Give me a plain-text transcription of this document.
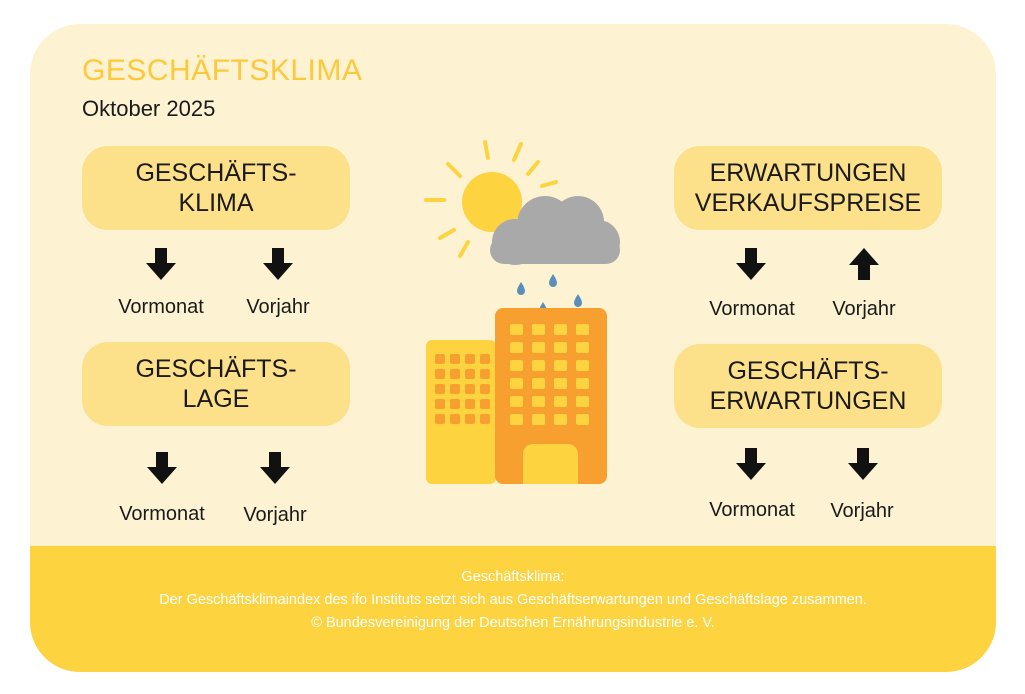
GESCHÄFTSKLIMA
Oktober 2025
GESCHÄFTS-
KLIMA
Vormonat	Vorjahr
GESCHÄFTS-
LAGE
Vormonat	Vorjahr
ERWARTUNGEN
VERKAUFSPREISE
Vormonat	Vorjahr
GESCHÄFTS-
ERWARTUNGEN
Vormonat	Vorjahr
Geschäftsklima:
Der Geschäftsklimaindex des ifo Instituts setzt sich aus Geschäftserwartungen und Geschäftslage zusammen.
© Bundesvereinigung der Deutschen Ernährungsindustrie e. V.
